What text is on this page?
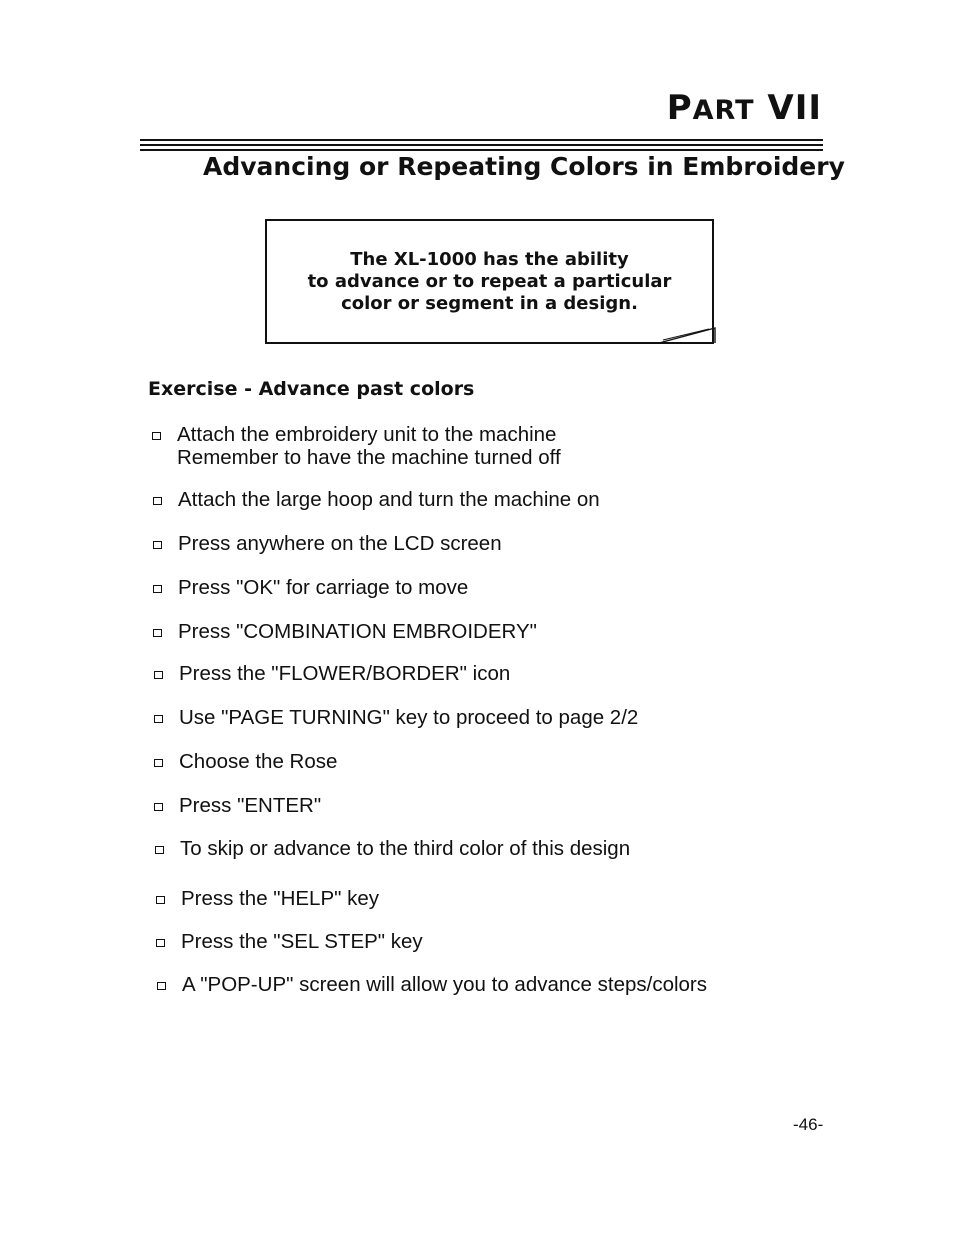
PART VII
Advancing or Repeating Colors in Embroidery
The XL-1000 has the ability
to advance or to repeat a particular
color or segment in a design.
Exercise - Advance past colors
Attach the embroidery unit to the machine
Remember to have the machine turned off
Attach the large hoop and turn the machine on
Press anywhere on the LCD screen
Press "OK" for carriage to move
Press "COMBINATION EMBROIDERY"
Press the "FLOWER/BORDER" icon
Use "PAGE TURNING" key to proceed to page 2/2
Choose the Rose
Press "ENTER"
To skip or advance to the third color of this design
Press the "HELP" key
Press the "SEL STEP" key
A "POP-UP" screen will allow you to advance steps/colors
-46-
